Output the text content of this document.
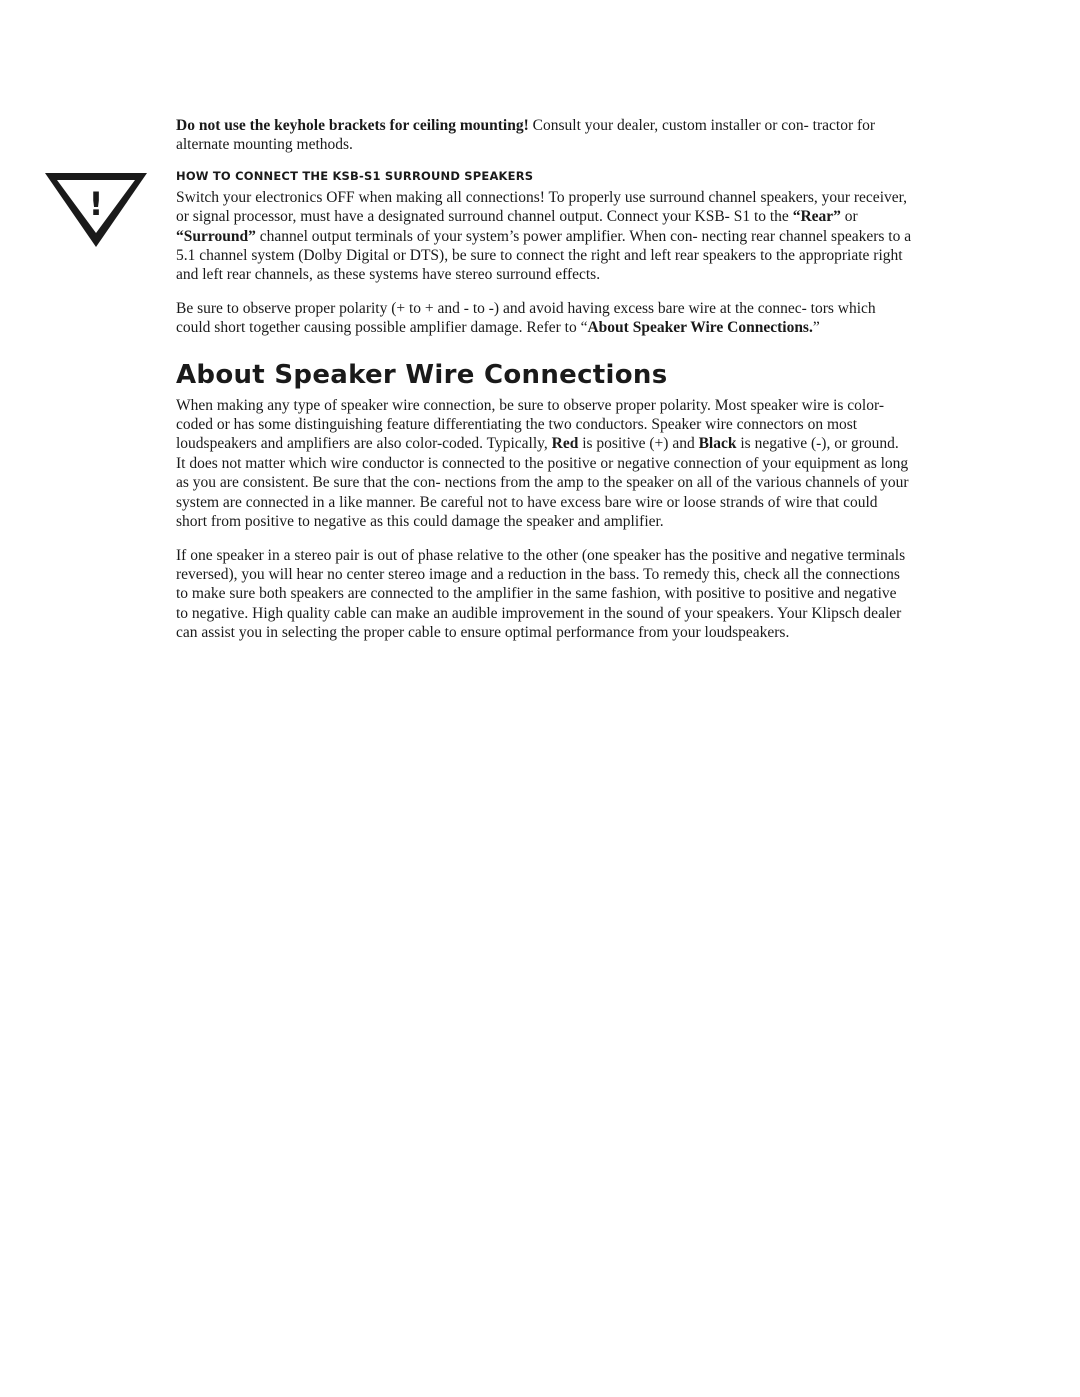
!

Do not use the keyhole brackets for ceiling mounting! Consult your dealer, custom installer or con- tractor for alternate mounting methods.

HOW TO CONNECT THE KSB-S1 SURROUND SPEAKERS

Switch your electronics OFF when making all connections! To properly use surround channel speakers, your receiver, or signal processor, must have a designated surround channel output. Connect your KSB- S1 to the “Rear” or “Surround” channel output terminals of your system’s power amplifier. When con- necting rear channel speakers to a 5.1 channel system (Dolby Digital or DTS), be sure to connect the right and left rear speakers to the appropriate right and left rear channels, as these systems have stereo surround effects.

Be sure to observe proper polarity (+ to + and - to -) and avoid having excess bare wire at the connec- tors which could short together causing possible amplifier damage. Refer to “About Speaker Wire Connections.”

About Speaker Wire Connections

When making any type of speaker wire connection, be sure to observe proper polarity. Most speaker wire is color-coded or has some distinguishing feature differentiating the two conductors. Speaker wire connectors on most loudspeakers and amplifiers are also color-coded. Typically, Red is positive (+) and Black is negative (-), or ground. It does not matter which wire conductor is connected to the positive or negative connection of your equipment as long as you are consistent. Be sure that the con- nections from the amp to the speaker on all of the various channels of your system are connected in a like manner. Be careful not to have excess bare wire or loose strands of wire that could short from positive to negative as this could damage the speaker and amplifier.

If one speaker in a stereo pair is out of phase relative to the other (one speaker has the positive and negative terminals reversed), you will hear no center stereo image and a reduction in the bass. To remedy this, check all the connections to make sure both speakers are connected to the amplifier in the same fashion, with positive to positive and negative to negative. High quality cable can make an audible improvement in the sound of your speakers. Your Klipsch dealer can assist you in selecting the proper cable to ensure optimal performance from your loudspeakers.
